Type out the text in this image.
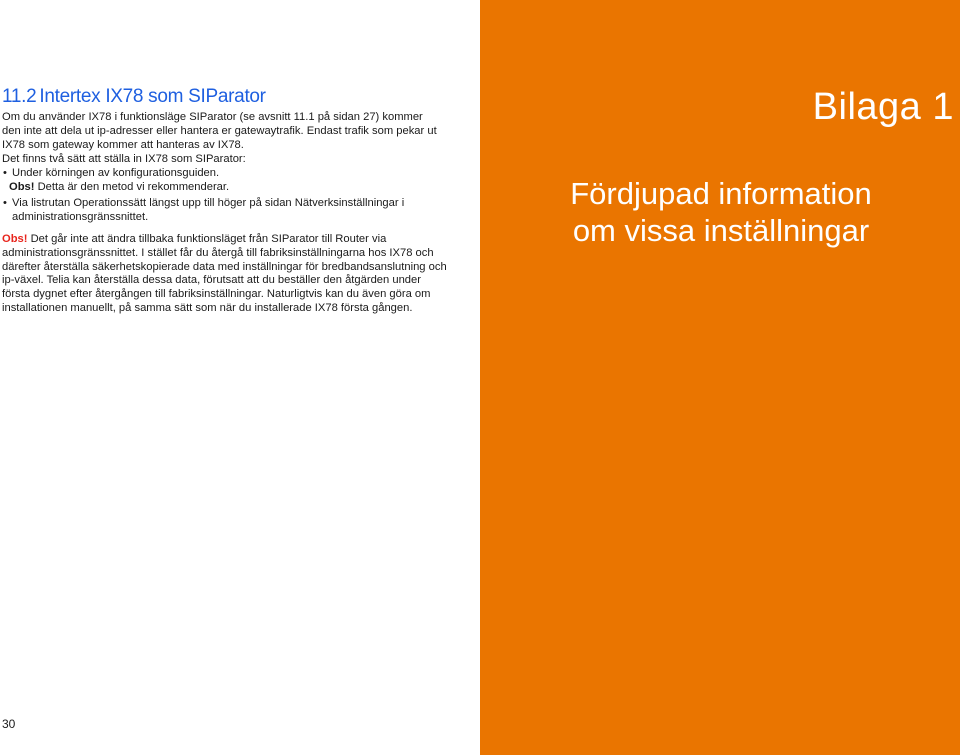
11.2 Intertex IX78 som SIParator

Om du använder IX78 i funktionsläge SIParator (se avsnitt 11.1 på sidan 27) kommer den inte att dela ut ip-adresser eller hantera er gatewaytrafik. Endast trafik som pekar ut IX78 som gateway kommer att hanteras av IX78.

Det finns två sätt att ställa in IX78 som SIParator:

• Under körningen av konfigurationsguiden.
Obs! Detta är den metod vi rekommenderar.
• Via listrutan Operationssätt längst upp till höger på sidan Nätverksinställningar i administrationsgränssnittet.

Obs! Det går inte att ändra tillbaka funktionsläget från SIParator till Router via administrationsgränssnittet. I stället får du återgå till fabriksinställningarna hos IX78 och därefter återställa säkerhetskopierade data med inställningar för bredbandsanslutning och ip-växel. Telia kan återställa dessa data, förutsatt att du beställer den åtgärden under första dygnet efter återgången till fabriksinställningar. Naturligtvis kan du även göra om installationen manuellt, på samma sätt som när du installerade IX78 första gången.

30
Bilaga 1
Fördjupad information
om vissa inställningar
